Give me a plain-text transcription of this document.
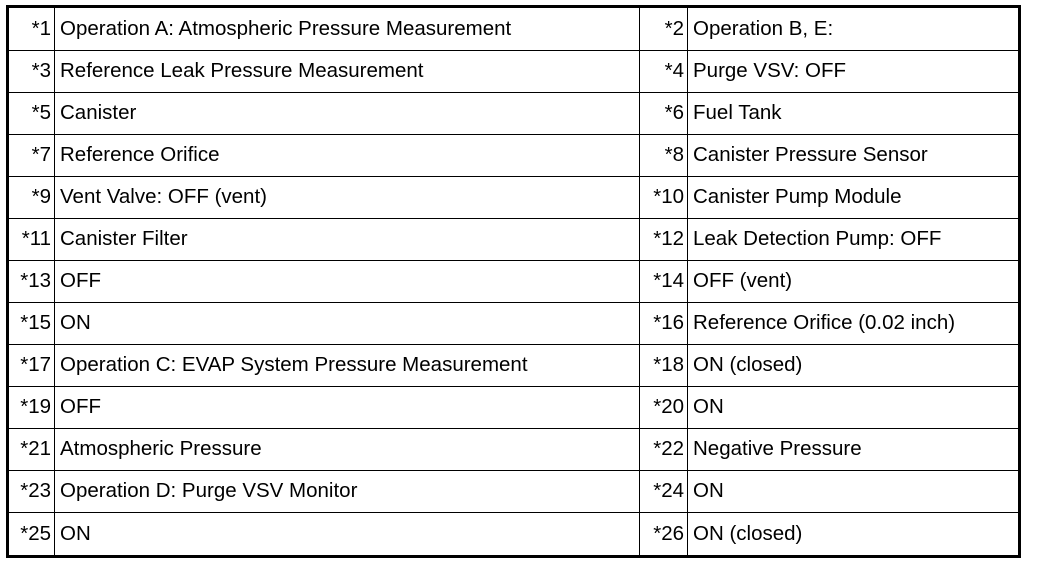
*1	Operation A: Atmospheric Pressure Measurement	*2	Operation B, E:
*3	Reference Leak Pressure Measurement	*4	Purge VSV: OFF
*5	Canister	*6	Fuel Tank
*7	Reference Orifice	*8	Canister Pressure Sensor
*9	Vent Valve: OFF (vent)	*10	Canister Pump Module
*11	Canister Filter	*12	Leak Detection Pump: OFF
*13	OFF	*14	OFF (vent)
*15	ON	*16	Reference Orifice (0.02 inch)
*17	Operation C: EVAP System Pressure Measurement	*18	ON (closed)
*19	OFF	*20	ON
*21	Atmospheric Pressure	*22	Negative Pressure
*23	Operation D: Purge VSV Monitor	*24	ON
*25	ON	*26	ON (closed)
